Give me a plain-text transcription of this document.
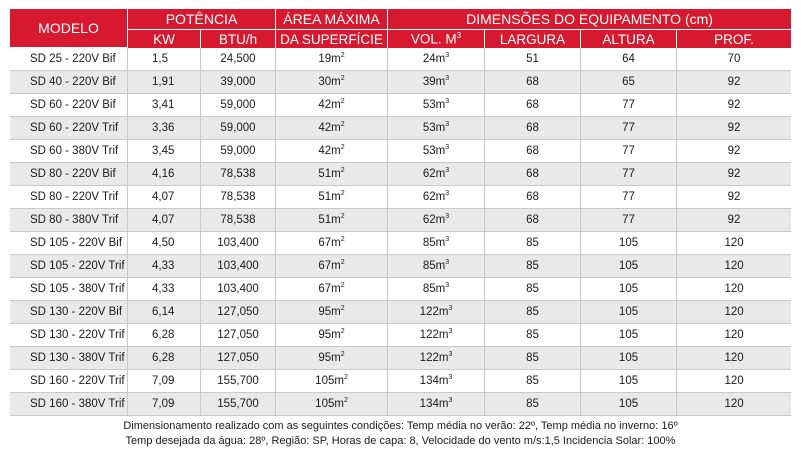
MODELO	POTÊNCIA		ÁREA MÁXIMA	DIMENSÕES DO EQUIPAMENTO (cm)			
	KW	BTU/h	DA SUPERFÍCIE	VOL. $M^3$	LARGURA	ALTURA	PROF.
SD 25 - 220V Bif	1,5	24,500	$19m^2$	$24m^3$	51	64	70
SD 40 - 220V Bif	1,91	39,000	$30m^2$	$39m^3$	68	65	92
SD 60 - 220V Bif	3,41	59,000	$42m^2$	$53m^3$	68	77	92
SD 60 - 220V Trif	3,36	59,000	$42m^2$	$53m^3$	68	77	92
SD 60 - 380V Trif	3,45	59,000	$42m^2$	$53m^3$	68	77	92
SD 80 - 220V Bif	4,16	78,538	$51m^2$	$62m^3$	68	77	92
SD 80 - 220V Trif	4,07	78,538	$51m^2$	$62m^3$	68	77	92
SD 80 - 380V Trif	4,07	78,538	$51m^2$	$62m^3$	68	77	92
SD 105 - 220V Bif	4,50	103,400	$67m^2$	$85m^3$	85	105	120
SD 105 - 220V Trif	4,33	103,400	$67m^2$	$85m^3$	85	105	120
SD 105 - 380V Trif	4,33	103,400	$67m^2$	$85m^3$	85	105	120
SD 130 - 220V Bif	6,14	127,050	$95m^2$	$122m^3$	85	105	120
SD 130 - 220V Trif	6,28	127,050	$95m^2$	$122m^3$	85	105	120
SD 130 - 380V Trif	6,28	127,050	$95m^2$	$122m^3$	85	105	120
SD 160 - 220V Trif	7,09	155,700	$105m^2$	$134m^3$	85	105	120
SD 160 - 380V Trif	7,09	155,700	$105m^2$	$134m^3$	85	105	120
Dimensionamento realizado com as seguintes condições: Temp média no verão: 22º, Temp média no inverno: 16º
Temp desejada da água: 28º, Região: SP, Horas de capa: 8, Velocidade do vento m/s:1,5 Incidencia Solar: 100%
